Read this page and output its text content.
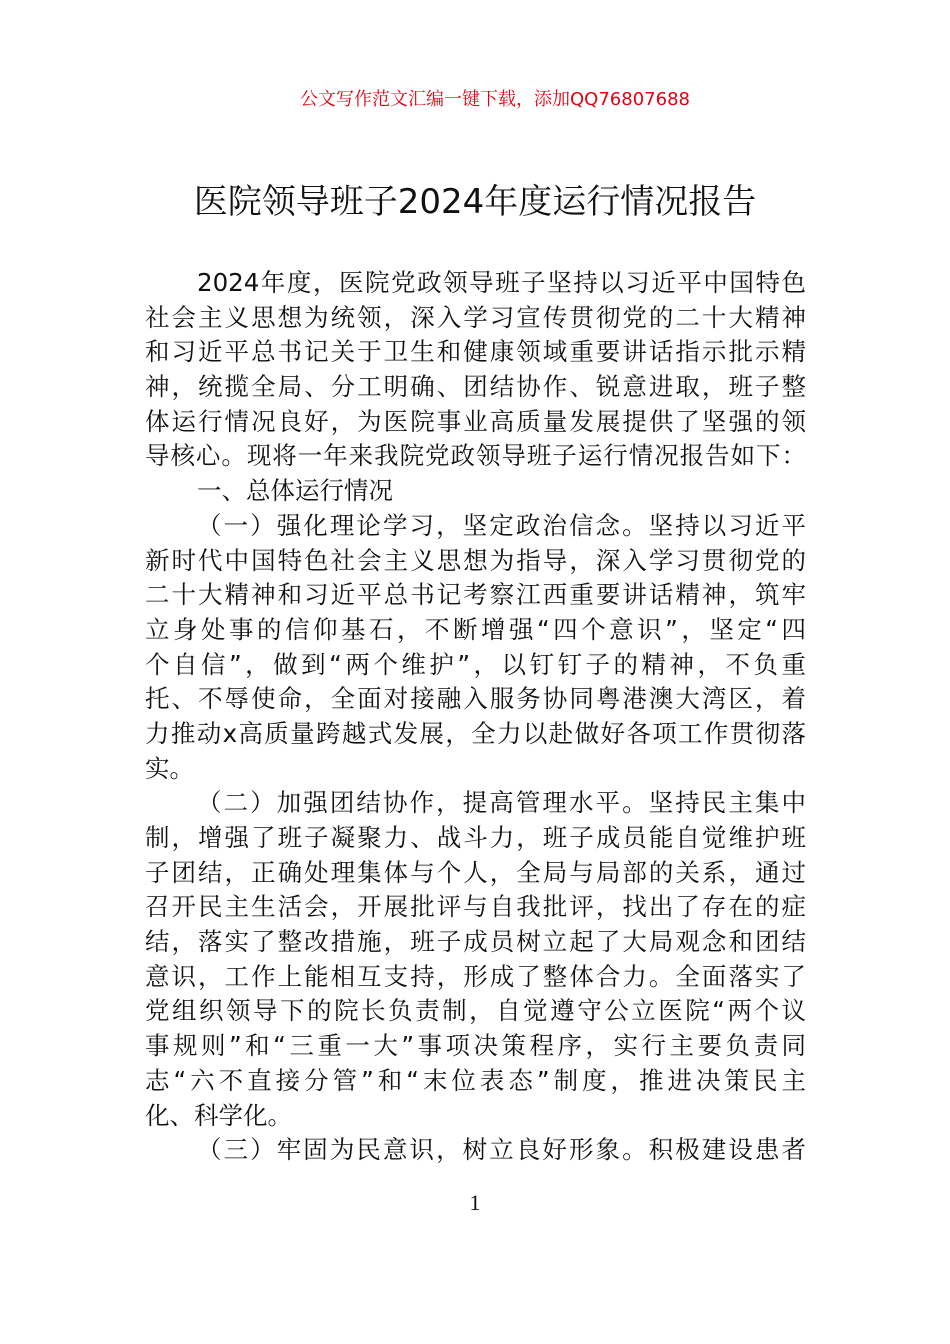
公文写作范文汇编一键下载，添加QQ76807688
医院领导班子2024年度运行情况报告
2024年度，医院党政领导班子坚持以习近平中国特色
社会主义思想为统领，深入学习宣传贯彻党的二十大精神
和习近平总书记关于卫生和健康领域重要讲话指示批示精
神，统揽全局、分工明确、团结协作、锐意进取，班子整
体运行情况良好，为医院事业高质量发展提供了坚强的领
导核心。现将一年来我院党政领导班子运行情况报告如下：
一、总体运行情况
（一）强化理论学习，坚定政治信念。坚持以习近平
新时代中国特色社会主义思想为指导，深入学习贯彻党的
二十大精神和习近平总书记考察江西重要讲话精神，筑牢
立身处事的信仰基石，不断增强“四个意识”，坚定“四
个自信”，做到“两个维护”，以钉钉子的精神，不负重
托、不辱使命，全面对接融入服务协同粤港澳大湾区，着
力推动x高质量跨越式发展，全力以赴做好各项工作贯彻落
实。
（二）加强团结协作，提高管理水平。坚持民主集中
制，增强了班子凝聚力、战斗力，班子成员能自觉维护班
子团结，正确处理集体与个人，全局与局部的关系，通过
召开民主生活会，开展批评与自我批评，找出了存在的症
结，落实了整改措施，班子成员树立起了大局观念和团结
意识，工作上能相互支持，形成了整体合力。全面落实了
党组织领导下的院长负责制，自觉遵守公立医院“两个议
事规则”和“三重一大”事项决策程序，实行主要负责同
志“六不直接分管”和“末位表态”制度，推进决策民主
化、科学化。
（三）牢固为民意识，树立良好形象。积极建设患者
1
